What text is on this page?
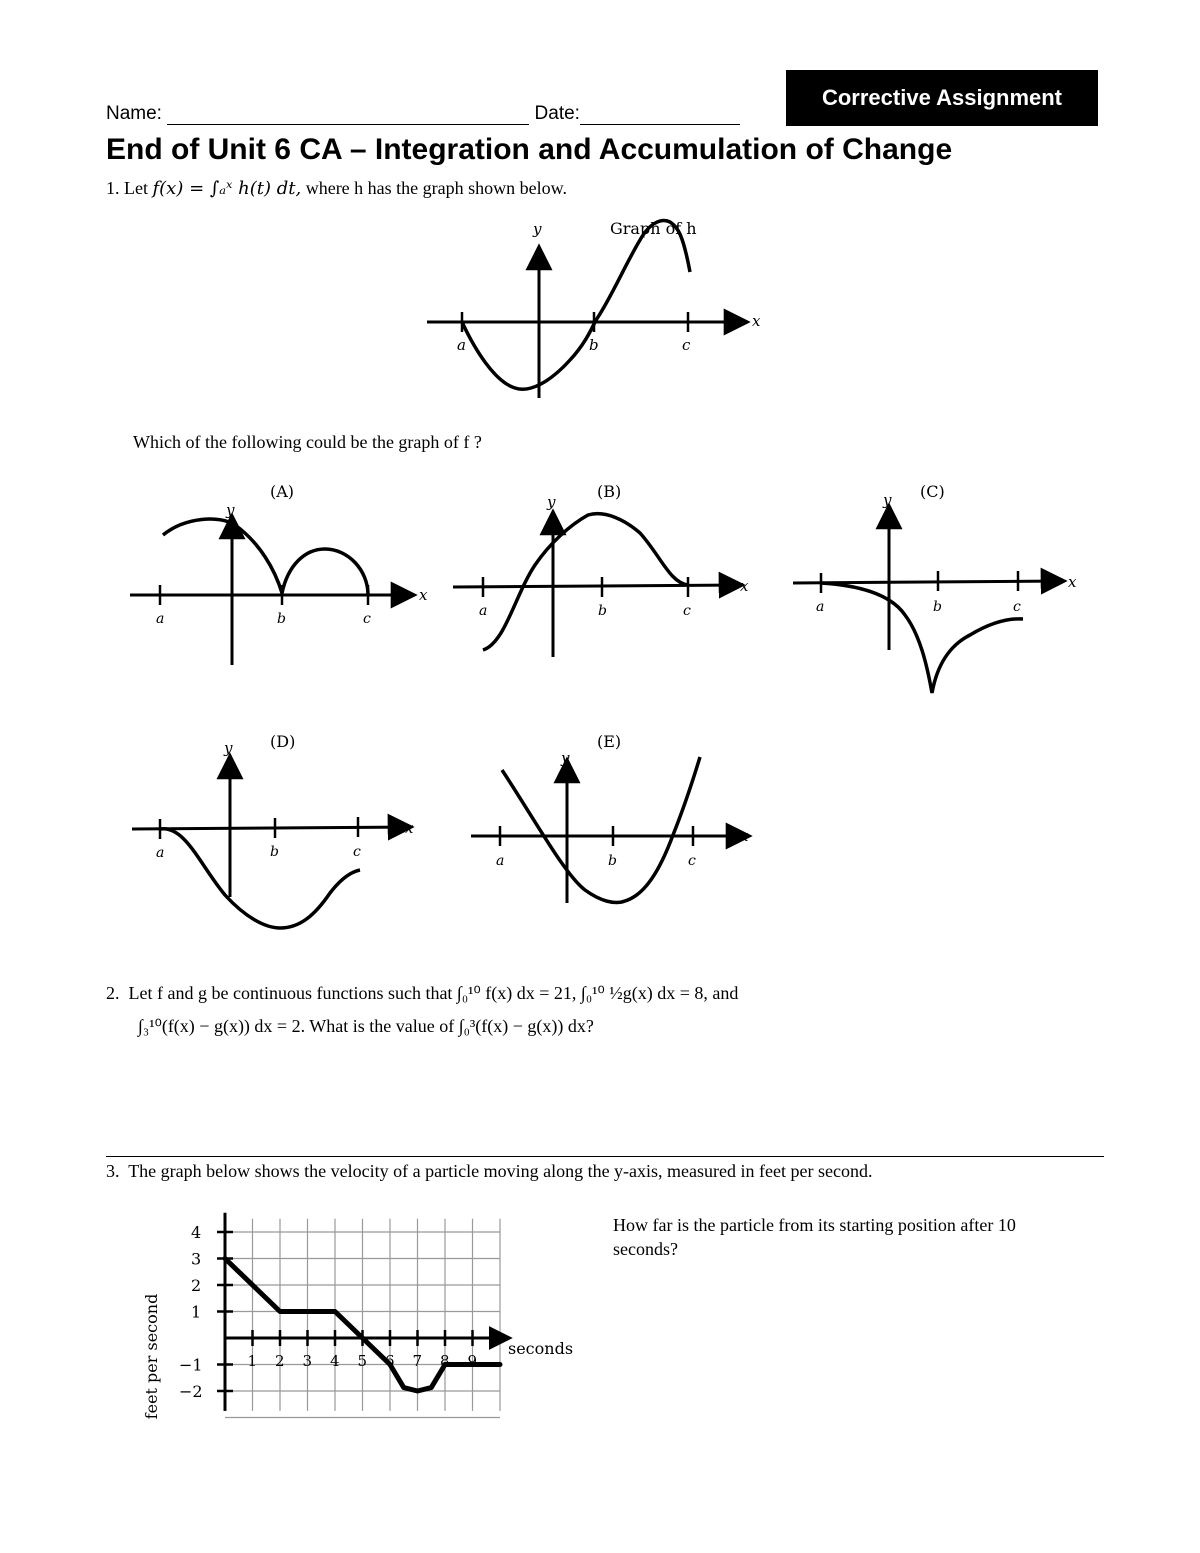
Name:	Date:
Corrective Assignment
End of Unit 6 CA – Integration and Accumulation of Change
1. Let f(x) = ∫ₐˣ h(t) dt, where h has the graph shown below.
a	b	c
x
y	Graph of h
Which of the following could be the graph of f ?
(A)
y
x
a	b	c
(B)
y
x
a	b	c
(C)
y
x
a	b	c
(D)
y
x
a	b	c
(E)
y
x
a	b	c
2. Let f and g be continuous functions such that ∫₀¹⁰ f(x) dx = 21, ∫₀¹⁰ ½g(x) dx = 8, and
∫₃¹⁰(f(x) − g(x)) dx = 2. What is the value of ∫₀³(f(x) − g(x)) dx?
3. The graph below shows the velocity of a particle moving along the y-axis, measured in feet per second.
How far is the particle from its starting position after 10 seconds?
1 2 3 4 5 6 7 8 9
4
3
2
1
−1
−2
seconds
feet per second
